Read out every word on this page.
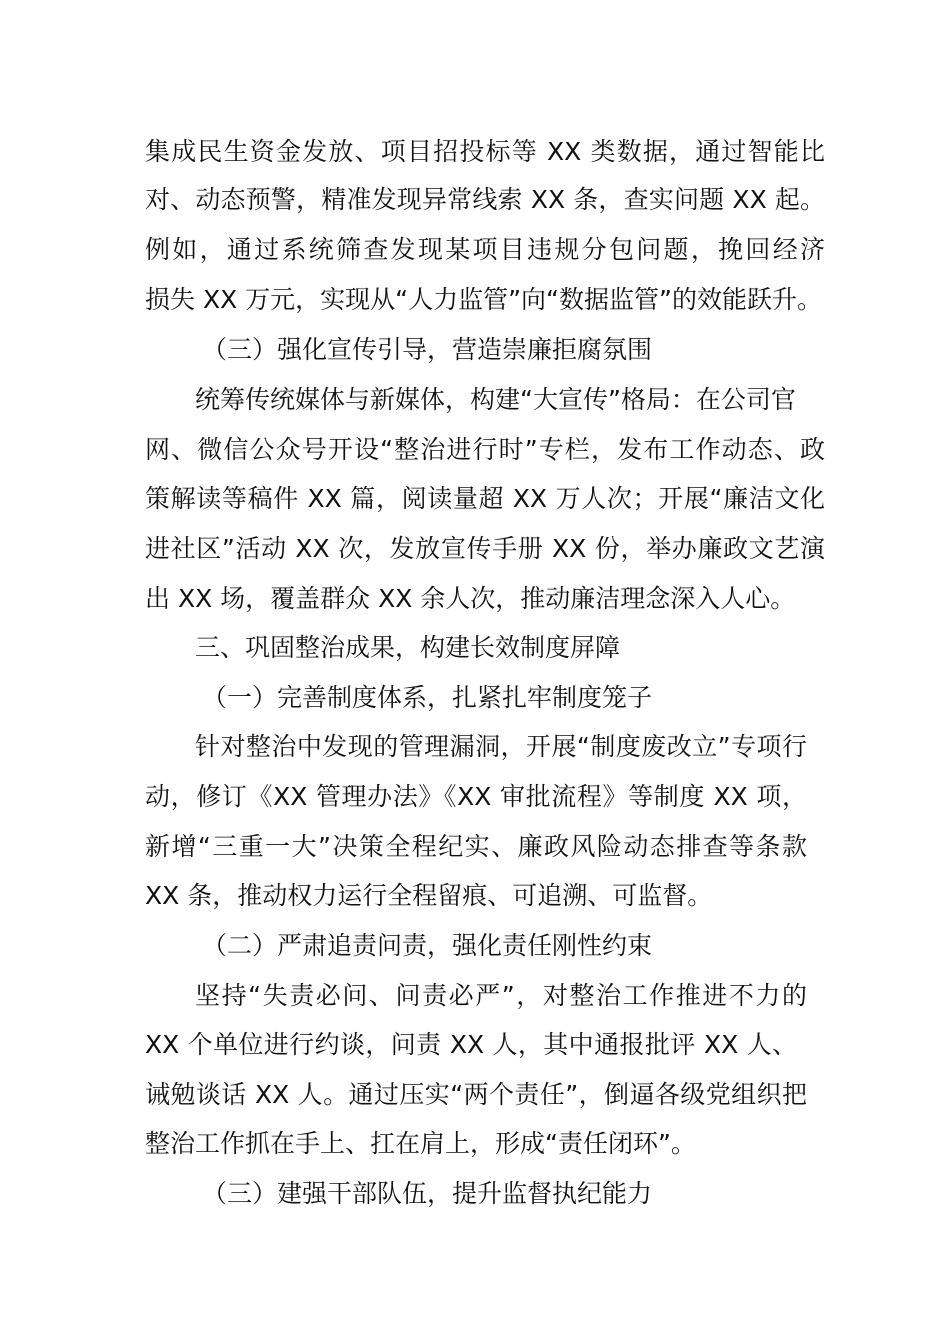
集成民生资金发放、项目招投标等 XX 类数据，通过智能比
对、动态预警，精准发现异常线索 XX 条，查实问题 XX 起。
例如，通过系统筛查发现某项目违规分包问题，挽回经济
损失 XX 万元，实现从“人力监管”向“数据监管”的效能跃升。
（三）强化宣传引导，营造崇廉拒腐氛围
统筹传统媒体与新媒体，构建“大宣传”格局：在公司官
网、微信公众号开设“整治进行时”专栏，发布工作动态、政
策解读等稿件 XX 篇，阅读量超 XX 万人次；开展“廉洁文化
进社区”活动 XX 次，发放宣传手册 XX 份，举办廉政文艺演
出 XX 场，覆盖群众 XX 余人次，推动廉洁理念深入人心。
三、巩固整治成果，构建长效制度屏障
（一）完善制度体系，扎紧扎牢制度笼子
针对整治中发现的管理漏洞，开展“制度废改立”专项行
动，修订《XX 管理办法》《XX 审批流程》等制度 XX 项，
新增“三重一大”决策全程纪实、廉政风险动态排查等条款
XX 条，推动权力运行全程留痕、可追溯、可监督。
（二）严肃追责问责，强化责任刚性约束
坚持“失责必问、问责必严”，对整治工作推进不力的
XX 个单位进行约谈，问责 XX 人，其中通报批评 XX 人、
诫勉谈话 XX 人。通过压实“两个责任”，倒逼各级党组织把
整治工作抓在手上、扛在肩上，形成“责任闭环”。
（三）建强干部队伍，提升监督执纪能力
